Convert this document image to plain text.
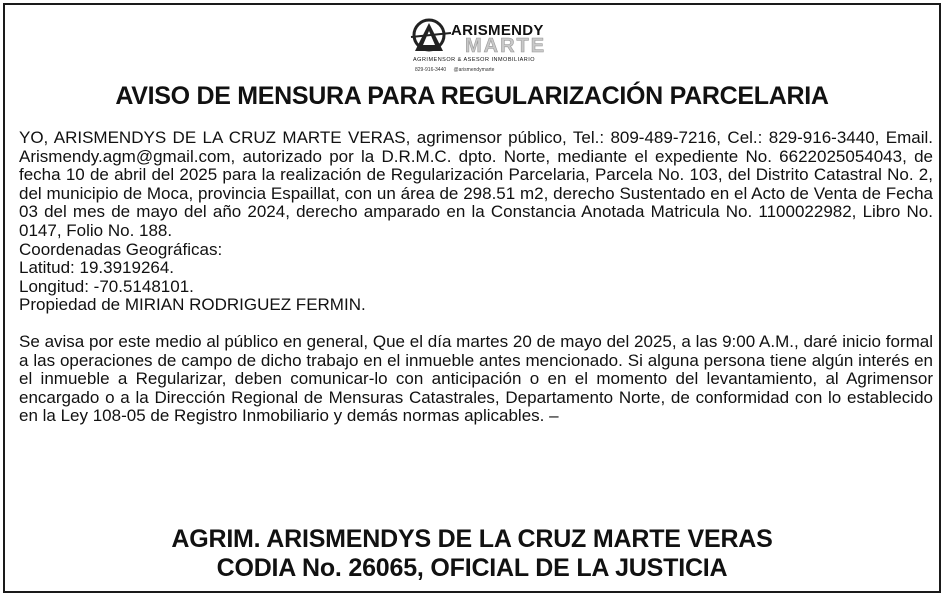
ARISMENDY
MARTE
AGRIMENSOR & ASESOR INMOBILIARIO
829-916-3440 @arismendymarte
AVISO DE MENSURA PARA REGULARIZACIÓN PARCELARIA

YO, ARISMENDYS DE LA CRUZ MARTE VERAS, agrimensor público, Tel.: 809-489-7216, Cel.: 829-916-3440, Email. Arismendy.agm@gmail.com, autorizado por la D.R.M.C. dpto. Norte, mediante el expediente No. 6622025054043, de fecha 10 de abril del 2025 para la realización de Regularización Parcelaria, Parcela No. 103, del Distrito Catastral No. 2, del municipio de Moca, provincia Espaillat, con un área de 298.51 m2, derecho Sustentado en el Acto de Venta de Fecha 03 del mes de mayo del año 2024, derecho amparado en la Constancia Anotada Matricula No. 1100022982, Libro No. 0147, Folio No. 188.

Coordenadas Geográficas:

Latitud: 19.3919264.

Longitud: -70.5148101.

Propiedad de MIRIAN RODRIGUEZ FERMIN.

Se avisa por este medio al público en general, Que el día martes 20 de mayo del 2025, a las 9:00 A.M., daré inicio formal a las operaciones de campo de dicho trabajo en el inmueble antes mencionado. Si alguna persona tiene algún interés en el inmueble a Regularizar, deben comunicar-lo con anticipación o en el momento del levantamiento, al Agrimensor encargado o a la Dirección Regional de Mensuras Catastrales, Departamento Norte, de conformidad con lo establecido en la Ley 108-05 de Registro Inmobiliario y demás normas aplicables. –

AGRIM. ARISMENDYS DE LA CRUZ MARTE VERAS
CODIA No. 26065, OFICIAL DE LA JUSTICIA
